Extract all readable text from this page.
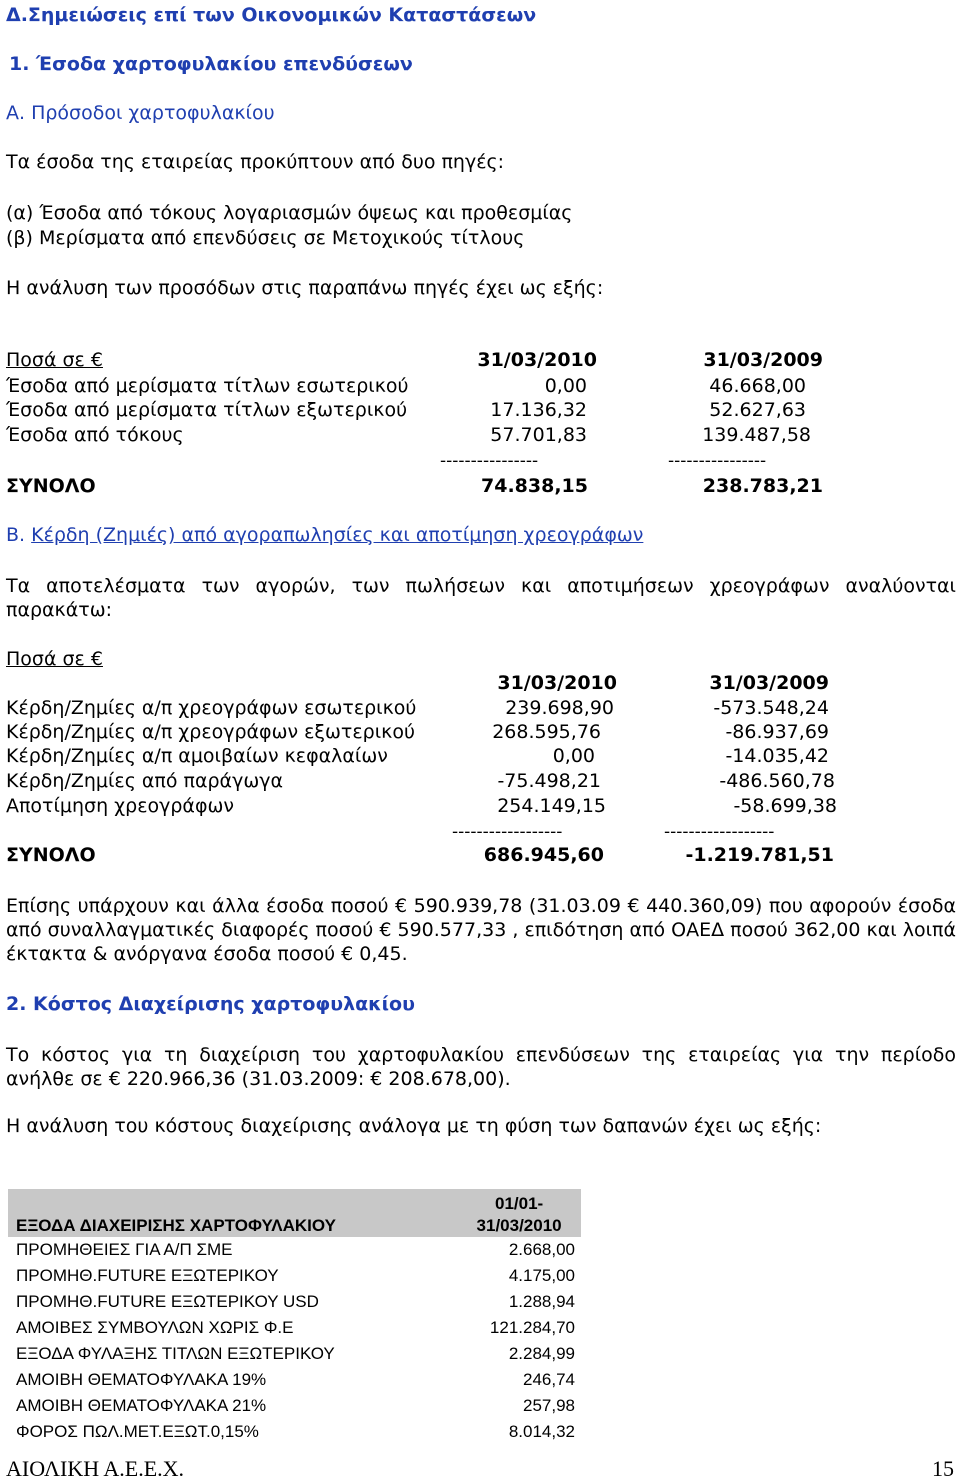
Δ.Σημειώσεις επί των Οικονομικών Καταστάσεων
1. Έσοδα χαρτοφυλακίου επενδύσεων
Α. Πρόσοδοι χαρτοφυλακίου
Τα έσοδα της εταιρείας προκύπτουν από δυο πηγές:
(α) Έσοδα από τόκους λογαριασμών όψεως και προθεσμίας
(β) Μερίσματα από επενδύσεις σε Μετοχικούς τίτλους
Η ανάλυση των προσόδων στις παραπάνω πηγές έχει ως εξής:
Ποσά σε €	31/03/2010	31/03/2009
Έσοδα από μερίσματα τίτλων εσωτερικού	0,00	46.668,00
Έσοδα από μερίσματα τίτλων εξωτερικού	17.136,32	52.627,63
Έσοδα από τόκους	57.701,83	139.487,58
----------------	----------------
ΣΥΝΟΛΟ	74.838,15	238.783,21
Β. Κέρδη (Ζημιές) από αγοραπωλησίες και αποτίμηση χρεογράφων
Τα αποτελέσματα των αγορών, των πωλήσεων και αποτιμήσεων χρεογράφων αναλύονται παρακάτω:
Ποσά σε €
31/03/2010	31/03/2009
Κέρδη/Ζημίες α/π χρεογράφων εσωτερικού	239.698,90	-573.548,24
Κέρδη/Ζημίες α/π χρεογράφων εξωτερικού	268.595,76	-86.937,69
Κέρδη/Ζημίες α/π αμοιβαίων κεφαλαίων	0,00	-14.035,42
Κέρδη/Ζημίες από παράγωγα	-75.498,21	-486.560,78
Αποτίμηση χρεογράφων	254.149,15	-58.699,38
------------------	------------------
ΣΥΝΟΛΟ	686.945,60	-1.219.781,51
Επίσης υπάρχουν και άλλα έσοδα ποσού € 590.939,78 (31.03.09 € 440.360,09) που αφορούν έσοδα από συναλλαγματικές διαφορές ποσού € 590.577,33 , επιδότηση από ΟΑΕΔ ποσού 362,00 και λοιπά έκτακτα & ανόργανα έσοδα ποσού € 0,45.
2. Κόστος Διαχείρισης χαρτοφυλακίου
Το κόστος για τη διαχείριση του χαρτοφυλακίου επενδύσεων της εταιρείας για την περίοδο ανήλθε σε € 220.966,36 (31.03.2009: € 208.678,00).
Η ανάλυση του κόστους διαχείρισης ανάλογα με τη φύση των δαπανών έχει ως εξής:
ΕΞΟΔΑ ΔΙΑΧΕΙΡΙΣΗΣ ΧΑΡΤΟΦΥΛΑΚΙΟΥ	01/01-
31/03/2010
ΠΡΟΜΗΘΕΙΕΣ ΓΙΑ Α/Π ΣΜΕ	2.668,00
ΠΡΟΜΗΘ.FUTURE ΕΞΩΤΕΡΙΚΟΥ	4.175,00
ΠΡΟΜΗΘ.FUTURE ΕΞΩΤΕΡΙΚΟΥ USD	1.288,94
ΑΜΟΙΒΕΣ ΣΥΜΒΟΥΛΩΝ ΧΩΡΙΣ Φ.Ε	121.284,70
ΕΞΟΔΑ ΦΥΛΑΞΗΣ ΤΙΤΛΩΝ ΕΞΩΤΕΡΙΚΟΥ	2.284,99
ΑΜΟΙΒΗ ΘΕΜΑΤΟΦΥΛΑΚΑ 19%	246,74
ΑΜΟΙΒΗ ΘΕΜΑΤΟΦΥΛΑΚΑ 21%	257,98
ΦΟΡΟΣ ΠΩΛ.ΜΕΤ.ΕΞΩΤ.0,15%	8.014,32
ΑΙΟΛΙΚΗ Α.Ε.Ε.Χ.	15
